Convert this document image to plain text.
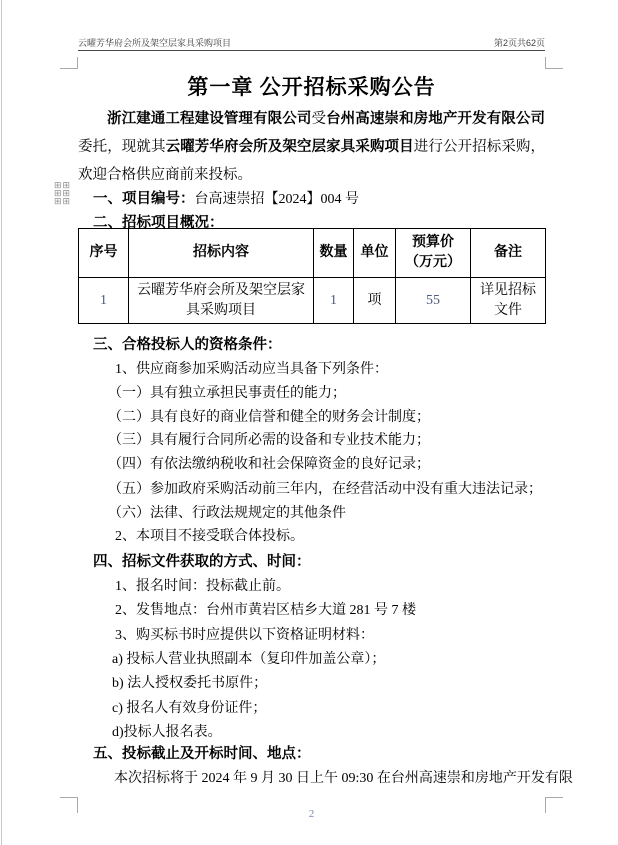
云曜芳华府会所及架空层家具采购项目	第2页共62页
⊞⊞
⊞⊞
⊞⊞
第一章 公开招标采购公告

浙江建通工程建设管理有限公司受台州高速崇和房地产开发有限公司委托，现就其云曜芳华府会所及架空层家具采购项目进行公开招标采购，欢迎合格供应商前来投标。

一、项目编号：台高速崇招【2024】004 号
二、招标项目概况：
序号	招标内容	数量	单位	预算价（万元）	备注
1	云曜芳华府会所及架空层家具采购项目	1	项	55	详见招标文件
三、合格投标人的资格条件：
1、供应商参加采购活动应当具备下列条件：
（一）具有独立承担民事责任的能力；
（二）具有良好的商业信誉和健全的财务会计制度；
（三）具有履行合同所必需的设备和专业技术能力；
（四）有依法缴纳税收和社会保障资金的良好记录；
（五）参加政府采购活动前三年内，在经营活动中没有重大违法记录；
（六）法律、行政法规规定的其他条件
2、本项目不接受联合体投标。
四、招标文件获取的方式、时间：
1、报名时间：投标截止前。
2、发售地点：台州市黄岩区桔乡大道 281 号 7 楼
3、购买标书时应提供以下资格证明材料：
a) 投标人营业执照副本（复印件加盖公章）；
b) 法人授权委托书原件；
c) 报名人有效身份证件；
d)投标人报名表。
五、投标截止及开标时间、地点：
本次招标将于 2024 年 9 月 30 日上午 09:30 在台州高速崇和房地产开发有限
2
